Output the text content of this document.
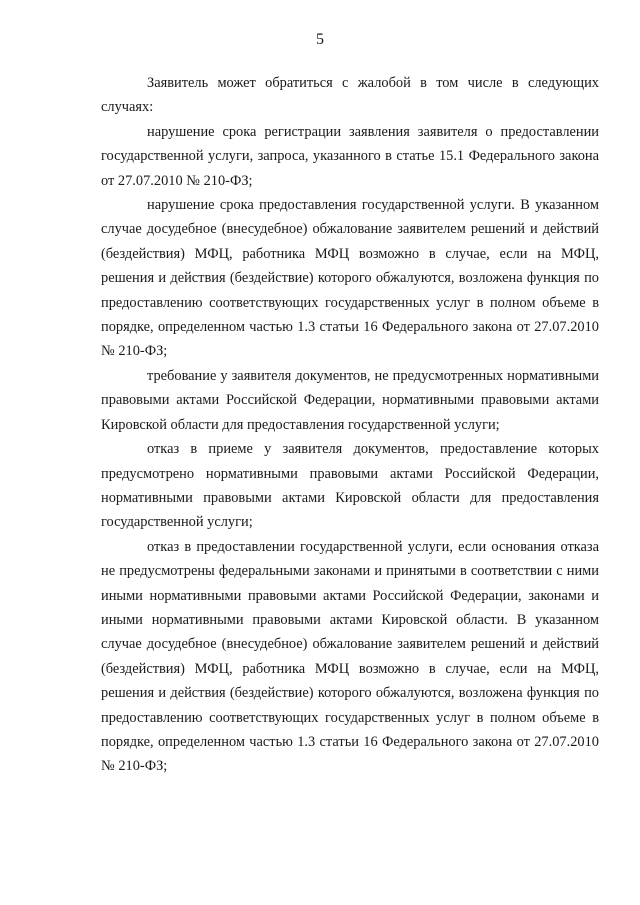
5

Заявитель может обратиться с жалобой в том числе в следующих случаях:

нарушение срока регистрации заявления заявителя о предоставлении государственной услуги, запроса, указанного в статье 15.1 Федерального закона от 27.07.2010 № 210-ФЗ;

нарушение срока предоставления государственной услуги. В указанном случае досудебное (внесудебное) обжалование заявителем решений и действий (бездействия) МФЦ, работника МФЦ возможно в случае, если на МФЦ, решения и действия (бездействие) которого обжалуются, возложена функция по предоставлению соответствующих государственных услуг в полном объеме в порядке, определенном частью 1.3 статьи 16 Федерального закона от 27.07.2010 № 210-ФЗ;

требование у заявителя документов, не предусмотренных нормативными правовыми актами Российской Федерации, нормативными правовыми актами Кировской области для предоставления государственной услуги;

отказ в приеме у заявителя документов, предоставление которых предусмотрено нормативными правовыми актами Российской Федерации, нормативными правовыми актами Кировской области для предоставления государственной услуги;

отказ в предоставлении государственной услуги, если основания отказа не предусмотрены федеральными законами и принятыми в соответствии с ними иными нормативными правовыми актами Российской Федерации, законами и иными нормативными правовыми актами Кировской области. В указанном случае досудебное (внесудебное) обжалование заявителем решений и действий (бездействия) МФЦ, работника МФЦ возможно в случае, если на МФЦ, решения и действия (бездействие) которого обжалуются, возложена функция по предоставлению соответствующих государственных услуг в полном объеме в порядке, определенном частью 1.3 статьи 16 Федерального закона от 27.07.2010 № 210-ФЗ;
